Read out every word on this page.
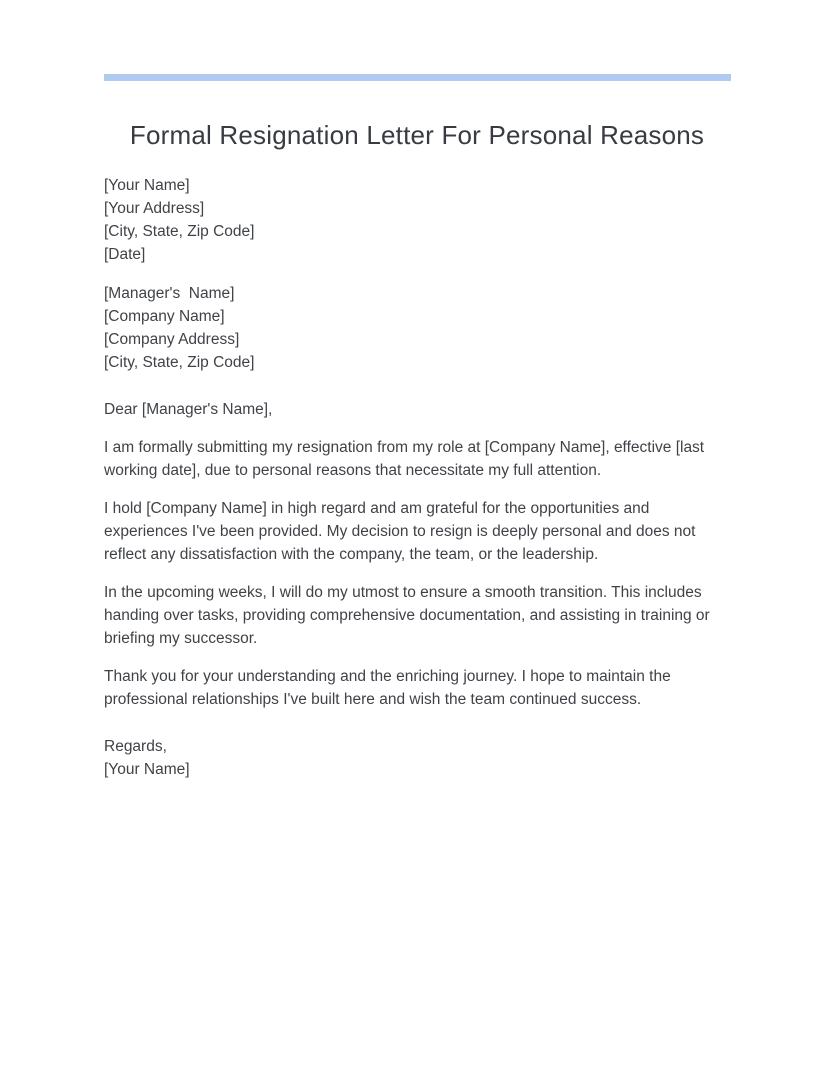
Formal Resignation Letter For Personal Reasons
[Your Name]
[Your Address]
[City, State, Zip Code]
[Date]
[Manager's  Name]
[Company Name]
[Company Address]
[City, State, Zip Code]

Dear [Manager's Name],

I am formally submitting my resignation from my role at [Company Name], effective [last working date], due to personal reasons that necessitate my full attention.

I hold [Company Name] in high regard and am grateful for the opportunities and experiences I've been provided. My decision to resign is deeply personal and does not reflect any dissatisfaction with the company, the team, or the leadership.

In the upcoming weeks, I will do my utmost to ensure a smooth transition. This includes handing over tasks, providing comprehensive documentation, and assisting in training or briefing my successor.

Thank you for your understanding and the enriching journey. I hope to maintain the professional relationships I've built here and wish the team continued success.

Regards,
[Your Name]
